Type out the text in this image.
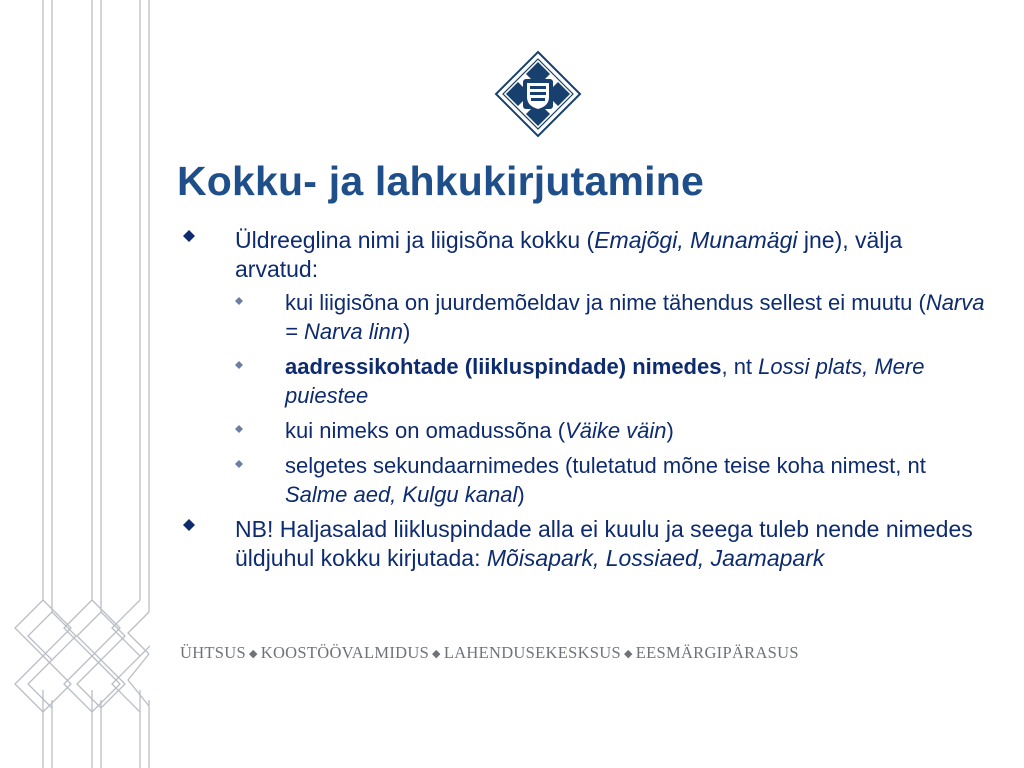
Kokku- ja lahkukirjutamine
Üldreeglina nimi ja liigisõna kokku (Emajõgi, Munamägi jne), välja arvatud:
kui liigisõna on juurdemõeldav ja nime tähendus sellest ei muutu (Narva = Narva linn)
aadressikohtade (liikluspindade) nimedes, nt Lossi plats, Mere puiestee
kui nimeks on omadussõna (Väike väin)
selgetes sekundaarnimedes (tuletatud mõne teise koha nimest, nt Salme aed, Kulgu kanal)
NB! Haljasalad liikluspindade alla ei kuulu ja seega tuleb nende nimedes üldjuhul kokku kirjutada: Mõisapark, Lossiaed, Jaamapark
ÜHTSUS ◆ KOOSTÖÖVALMIDUS ◆ LAHENDUSEKESKSUS ◆ EESMÄRGIPÄRASUS
